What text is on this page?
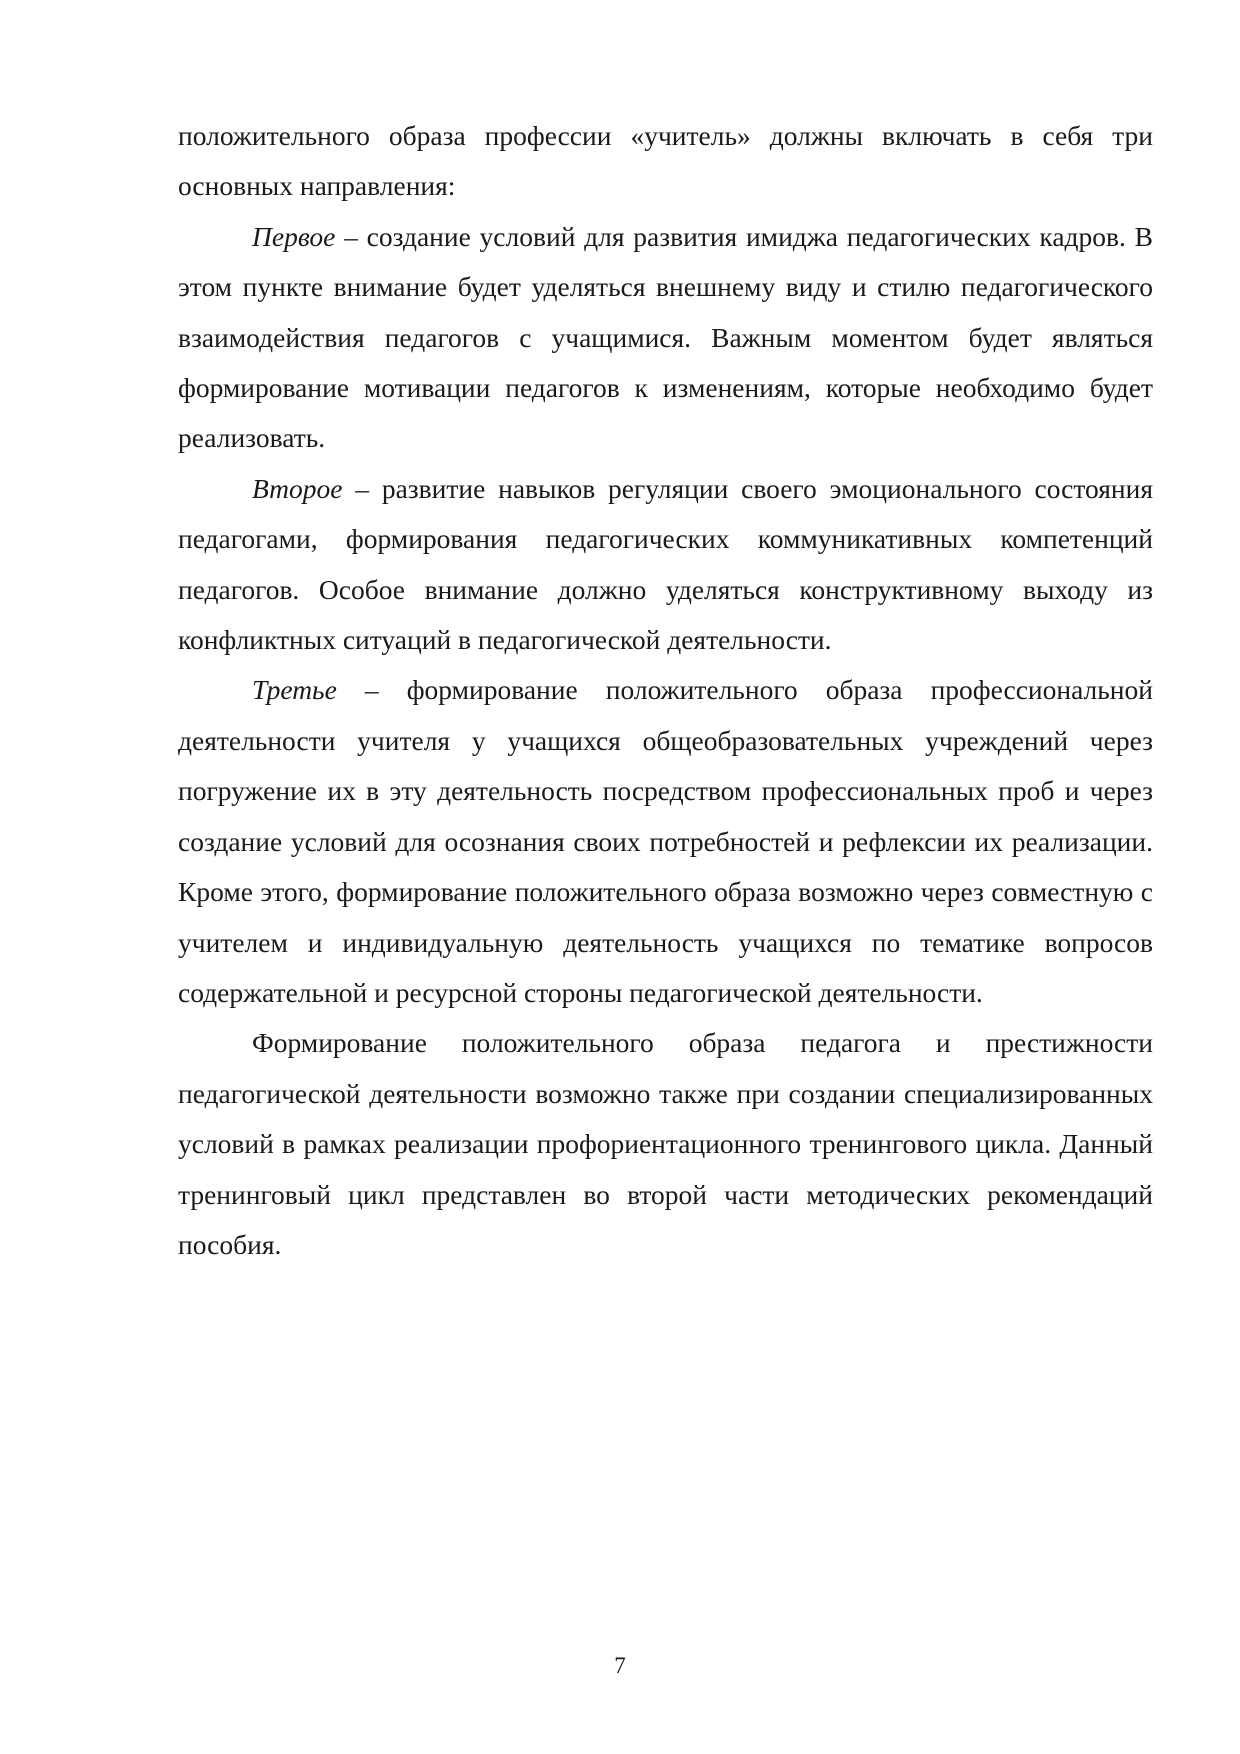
положительного образа профессии «учитель» должны включать в себя три основных направления:

Первое – создание условий для развития имиджа педагогических кадров. В этом пункте внимание будет уделяться внешнему виду и стилю педагогического взаимодействия педагогов с учащимися. Важным моментом будет являться формирование мотивации педагогов к изменениям, которые необходимо будет реализовать.

Второе – развитие навыков регуляции своего эмоционального состояния педагогами, формирования педагогических коммуникативных компетенций педагогов. Особое внимание должно уделяться конструктивному выходу из конфликтных ситуаций в педагогической деятельности.

Третье – формирование положительного образа профессиональной деятельности учителя у учащихся общеобразовательных учреждений через погружение их в эту деятельность посредством профессиональных проб и через создание условий для осознания своих потребностей и рефлексии их реализации. Кроме этого, формирование положительного образа возможно через совместную с учителем и индивидуальную деятельность учащихся по тематике вопросов содержательной и ресурсной стороны педагогической деятельности.

Формирование положительного образа педагога и престижности педагогической деятельности возможно также при создании специализированных условий в рамках реализации профориентационного тренингового цикла. Данный тренинговый цикл представлен во второй части методических рекомендаций пособия.

7
